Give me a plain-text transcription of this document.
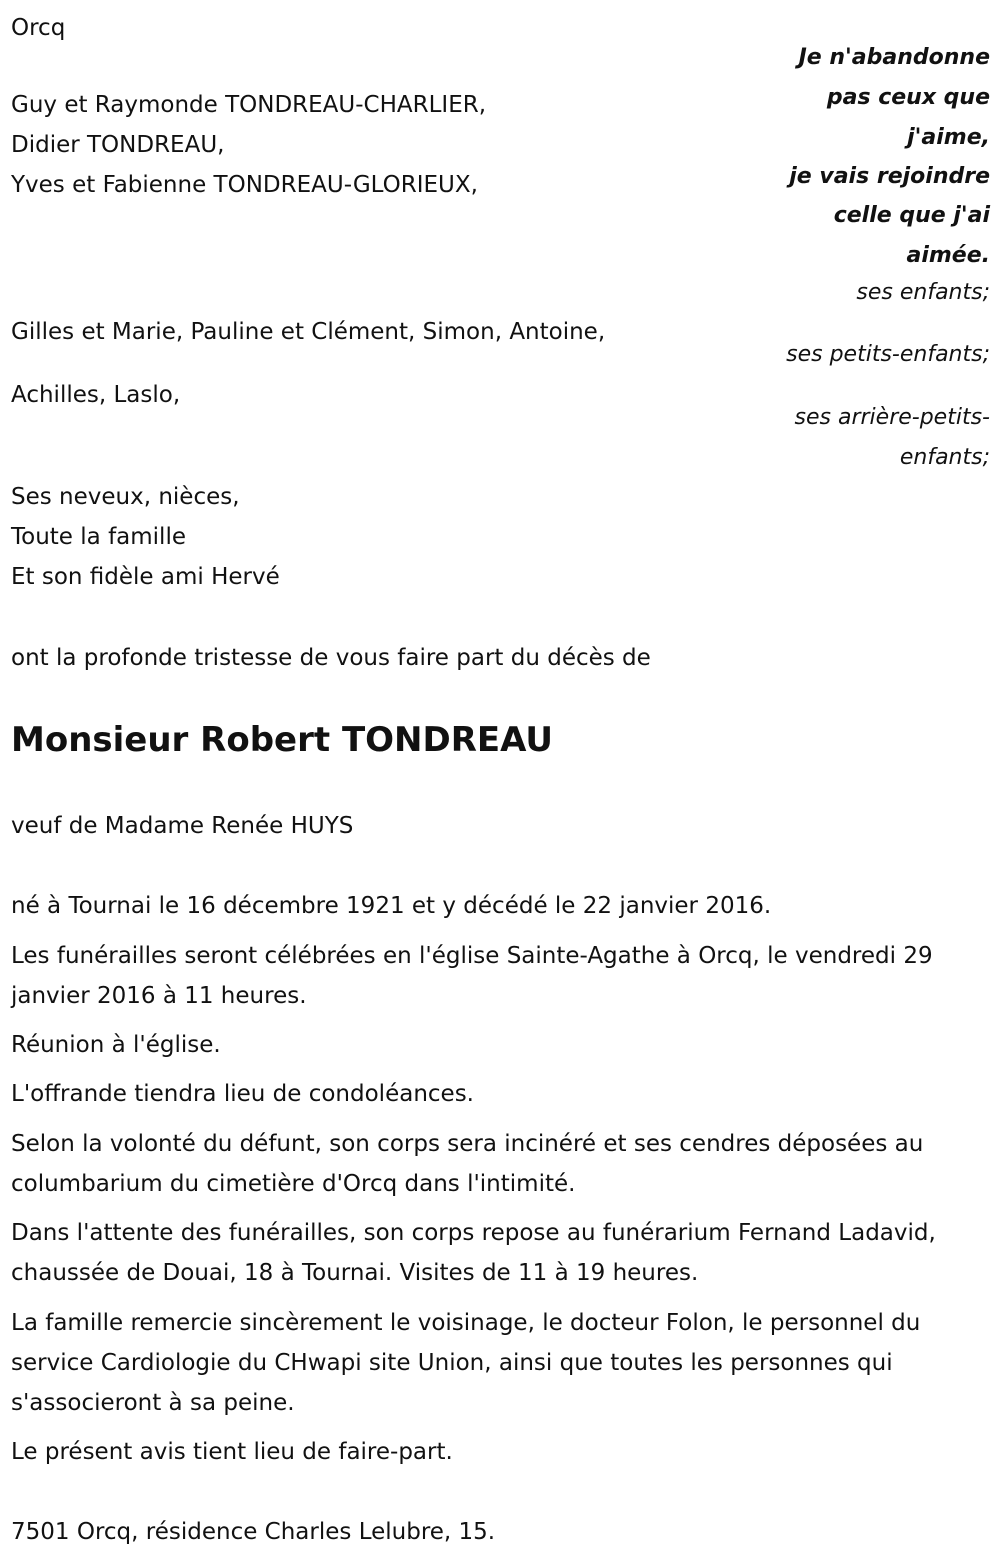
Orcq
Guy et Raymonde TONDREAU-CHARLIER,
Didier TONDREAU,
Yves et Fabienne TONDREAU-GLORIEUX,
Gilles et Marie, Pauline et Clément, Simon, Antoine,
Achilles, Laslo,
Ses neveux, nièces,
Toute la famille
Et son fidèle ami Hervé
Je n'abandonne
pas ceux que
j'aime,
je vais rejoindre
celle que j'ai
aimée.
ses enfants;
ses petits-enfants;
ses arrière-petits-
enfants;
ont la profonde tristesse de vous faire part du décès de
Monsieur Robert TONDREAU
veuf de Madame Renée HUYS
né à Tournai le 16 décembre 1921 et y décédé le 22 janvier 2016.
Les funérailles seront célébrées en l'église Sainte-Agathe à Orcq, le vendredi 29 janvier 2016 à 11 heures.
Réunion à l'église.
L'offrande tiendra lieu de condoléances.
Selon la volonté du défunt, son corps sera incinéré et ses cendres déposées au columbarium du cimetière d'Orcq dans l'intimité.
Dans l'attente des funérailles, son corps repose au funérarium Fernand Ladavid, chaussée de Douai, 18 à Tournai. Visites de 11 à 19 heures.
La famille remercie sincèrement le voisinage, le docteur Folon, le personnel du service Cardiologie du CHwapi site Union, ainsi que toutes les personnes qui s'associeront à sa peine.
Le présent avis tient lieu de faire-part.
7501 Orcq, résidence Charles Lelubre, 15.
